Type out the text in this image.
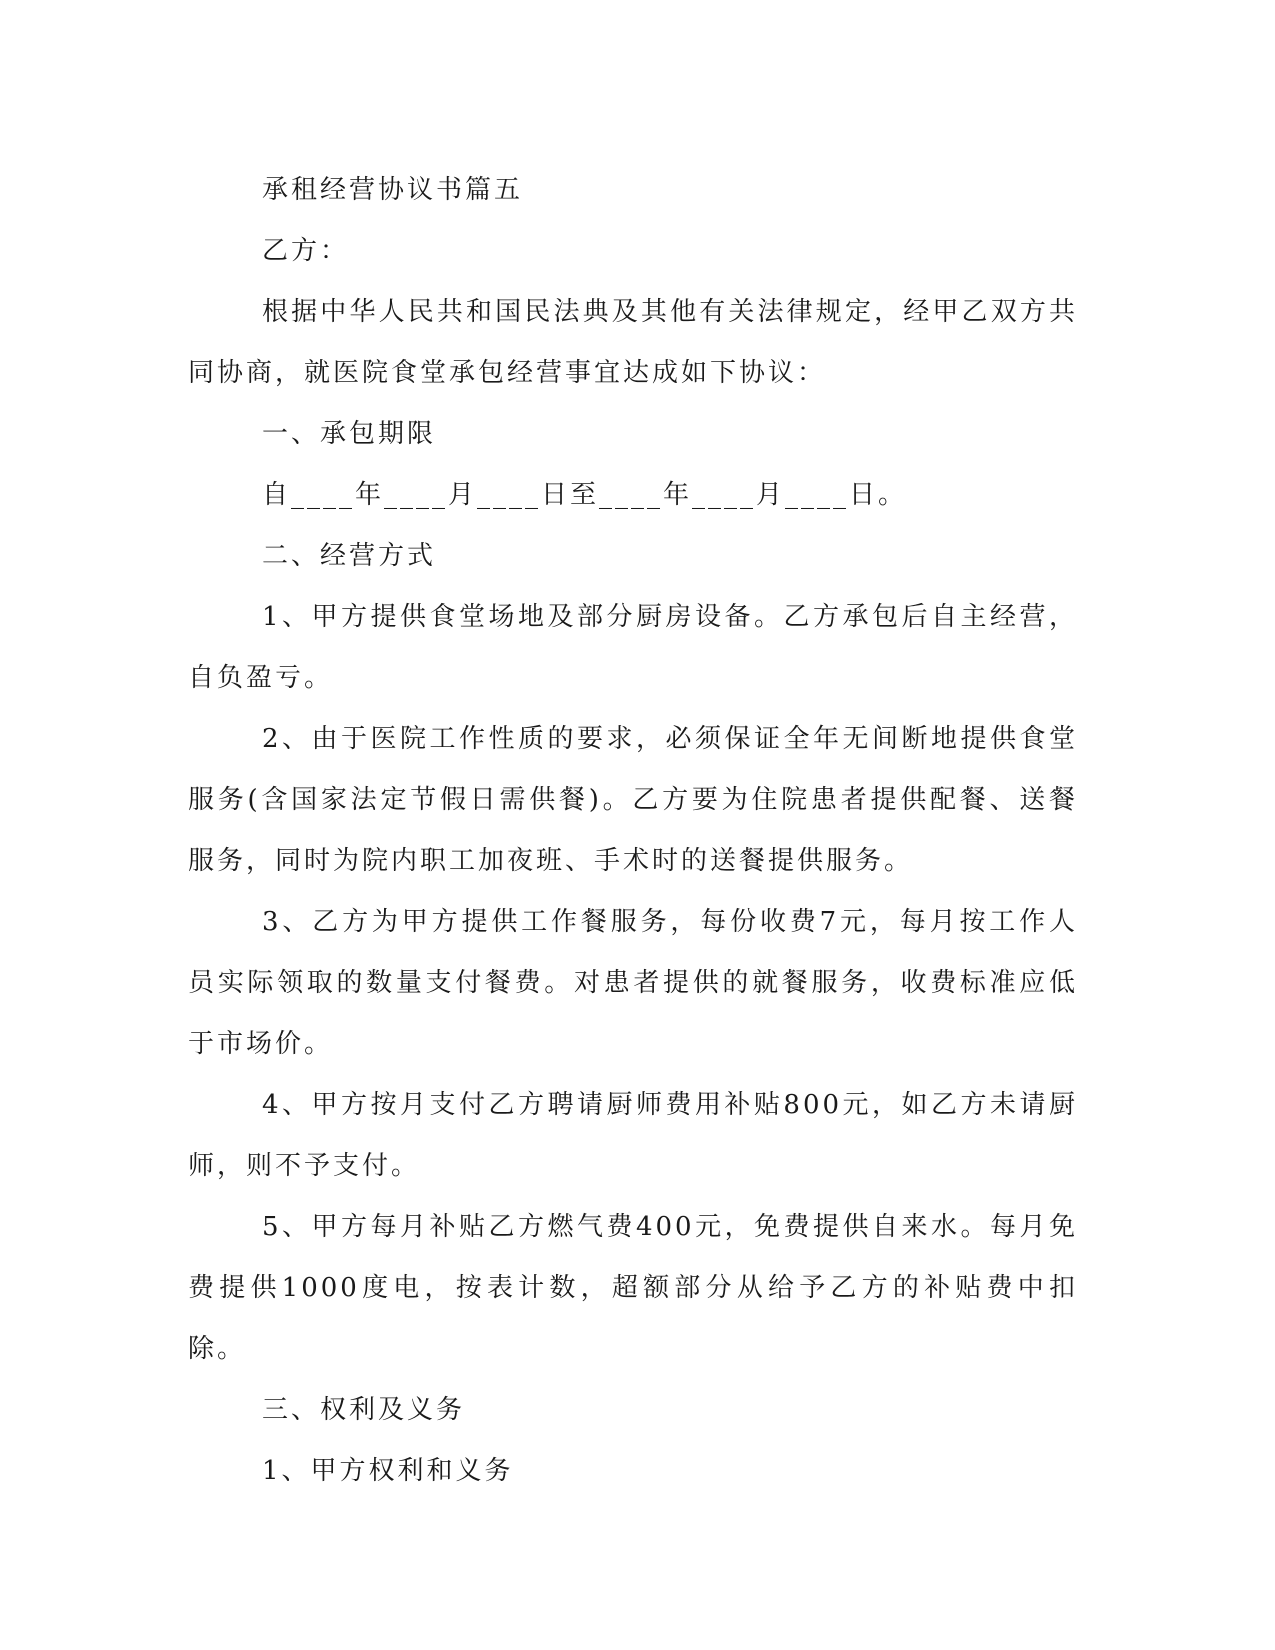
承租经营协议书篇五

乙方：

根据中华人民共和国民法典及其他有关法律规定，经甲乙双方共同协商，就医院食堂承包经营事宜达成如下协议：

一、承包期限

自____年____月____日至____年____月____日。

二、经营方式

1、甲方提供食堂场地及部分厨房设备。乙方承包后自主经营，自负盈亏。

2、由于医院工作性质的要求，必须保证全年无间断地提供食堂服务(含国家法定节假日需供餐)。乙方要为住院患者提供配餐、送餐服务，同时为院内职工加夜班、手术时的送餐提供服务。

3、乙方为甲方提供工作餐服务，每份收费7元，每月按工作人员实际领取的数量支付餐费。对患者提供的就餐服务，收费标准应低于市场价。

4、甲方按月支付乙方聘请厨师费用补贴800元，如乙方未请厨师，则不予支付。

5、甲方每月补贴乙方燃气费400元，免费提供自来水。每月免费提供1000度电，按表计数，超额部分从给予乙方的补贴费中扣除。

三、权利及义务

1、甲方权利和义务
